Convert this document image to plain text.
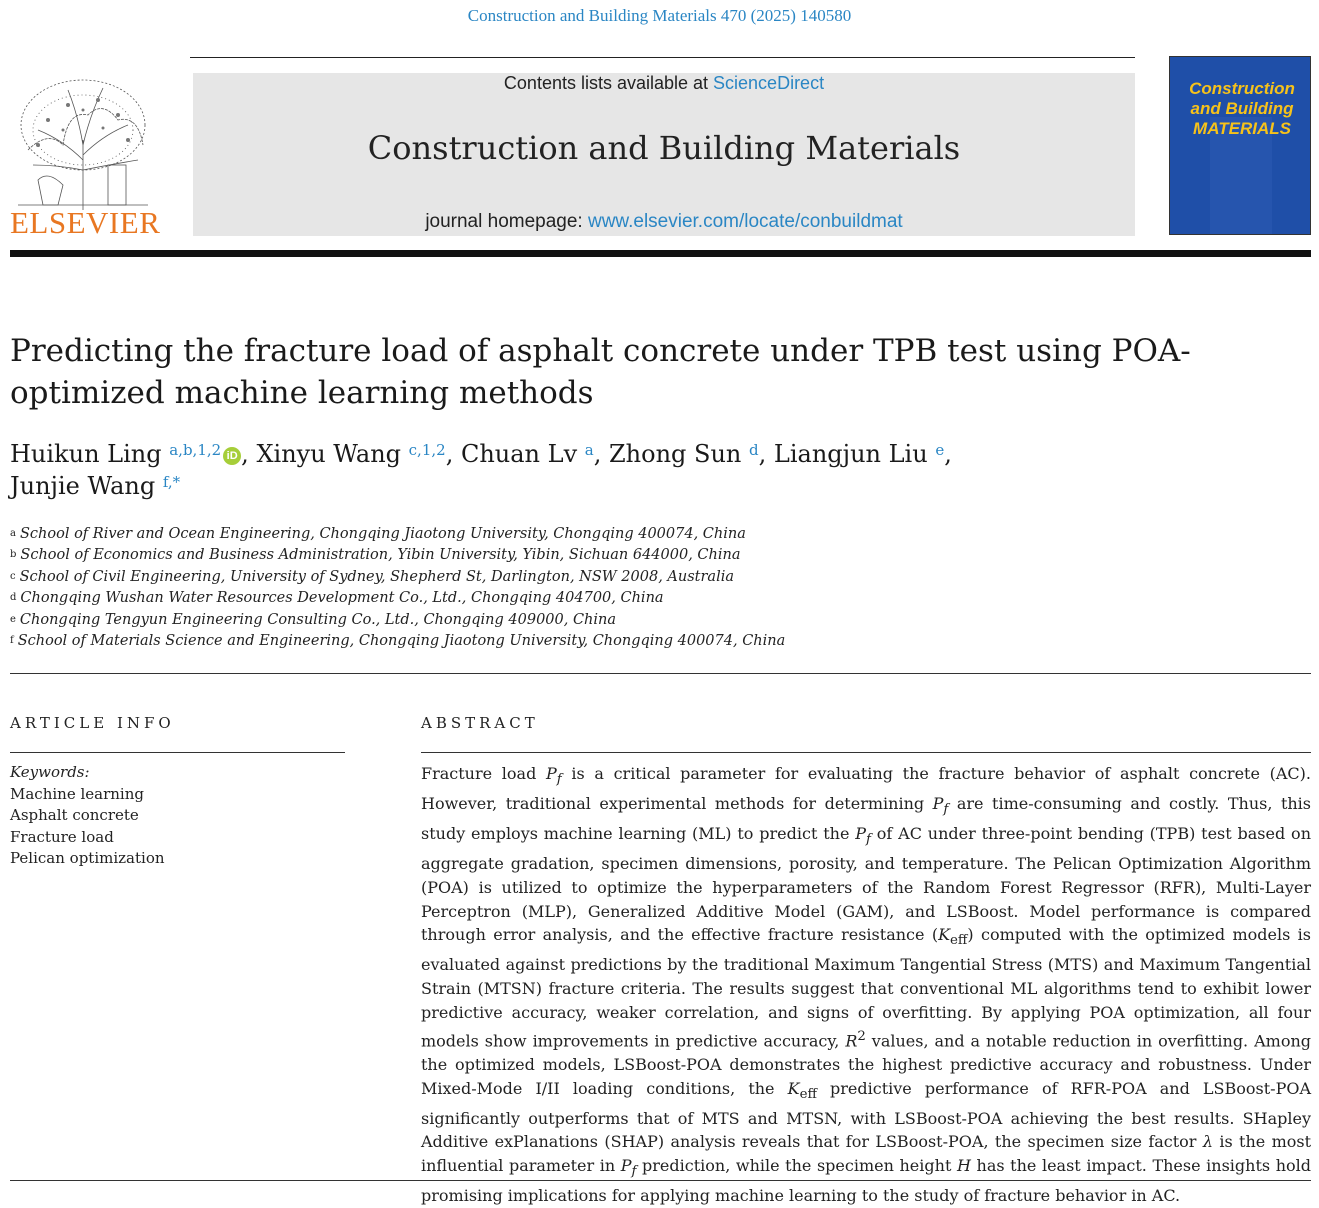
Construction and Building Materials 470 (2025) 140580
ELSEVIER
Contents lists available at ScienceDirect
Construction and Building Materials
journal homepage: www.elsevier.com/locate/conbuildmat
Construction
and Building
MATERIALS
Predicting the fracture load of asphalt concrete under TPB test using POA-optimized machine learning methods
Huikun Ling $^{a,b,1,2}$ iD , Xinyu Wang $^{c,1,2}$, Chuan Lv $^a$, Zhong Sun $^d$, Liangjun Liu $^e$,
Junjie Wang $^{f,*}$
$^a$ School of River and Ocean Engineering, Chongqing Jiaotong University, Chongqing 400074, China
$^b$ School of Economics and Business Administration, Yibin University, Yibin, Sichuan 644000, China
$^c$ School of Civil Engineering, University of Sydney, Shepherd St, Darlington, NSW 2008, Australia
$^d$ Chongqing Wushan Water Resources Development Co., Ltd., Chongqing 404700, China
$^e$ Chongqing Tengyun Engineering Consulting Co., Ltd., Chongqing 409000, China
$^f$ School of Materials Science and Engineering, Chongqing Jiaotong University, Chongqing 400074, China
ARTICLE INFO	ABSTRACT
Keywords:
Machine learning
Asphalt concrete
Fracture load
Pelican optimization
Fracture load $P_f$ is a critical parameter for evaluating the fracture behavior of asphalt concrete (AC). However, traditional experimental methods for determining $P_f$ are time-consuming and costly. Thus, this study employs machine learning (ML) to predict the $P_f$ of AC under three-point bending (TPB) test based on aggregate gradation, specimen dimensions, porosity, and temperature. The Pelican Optimization Algorithm (POA) is utilized to optimize the hyperparameters of the Random Forest Regressor (RFR), Multi-Layer Perceptron (MLP), Generalized Additive Model (GAM), and LSBoost. Model performance is compared through error analysis, and the effective fracture resistance $(K_{eff})$ computed with the optimized models is evaluated against predictions by the traditional Maximum Tangential Stress (MTS) and Maximum Tangential Strain (MTSN) fracture criteria. The results suggest that conventional ML algorithms tend to exhibit lower predictive accuracy, weaker correlation, and signs of overfitting. By applying POA optimization, all four models show improvements in predictive accuracy, $R^2$ values, and a notable reduction in overfitting. Among the optimized models, LSBoost-POA demonstrates the highest predictive accuracy and robustness. Under Mixed-Mode I/II loading conditions, the $K_{eff}$ predictive performance of RFR-POA and LSBoost-POA significantly outperforms that of MTS and MTSN, with LSBoost-POA achieving the best results. SHapley Additive exPlanations (SHAP) analysis reveals that for LSBoost-POA, the specimen size factor λ is the most influential parameter in $P_f$ prediction, while the specimen height H has the least impact. These insights hold promising implications for applying machine learning to the study of fracture behavior in AC.
